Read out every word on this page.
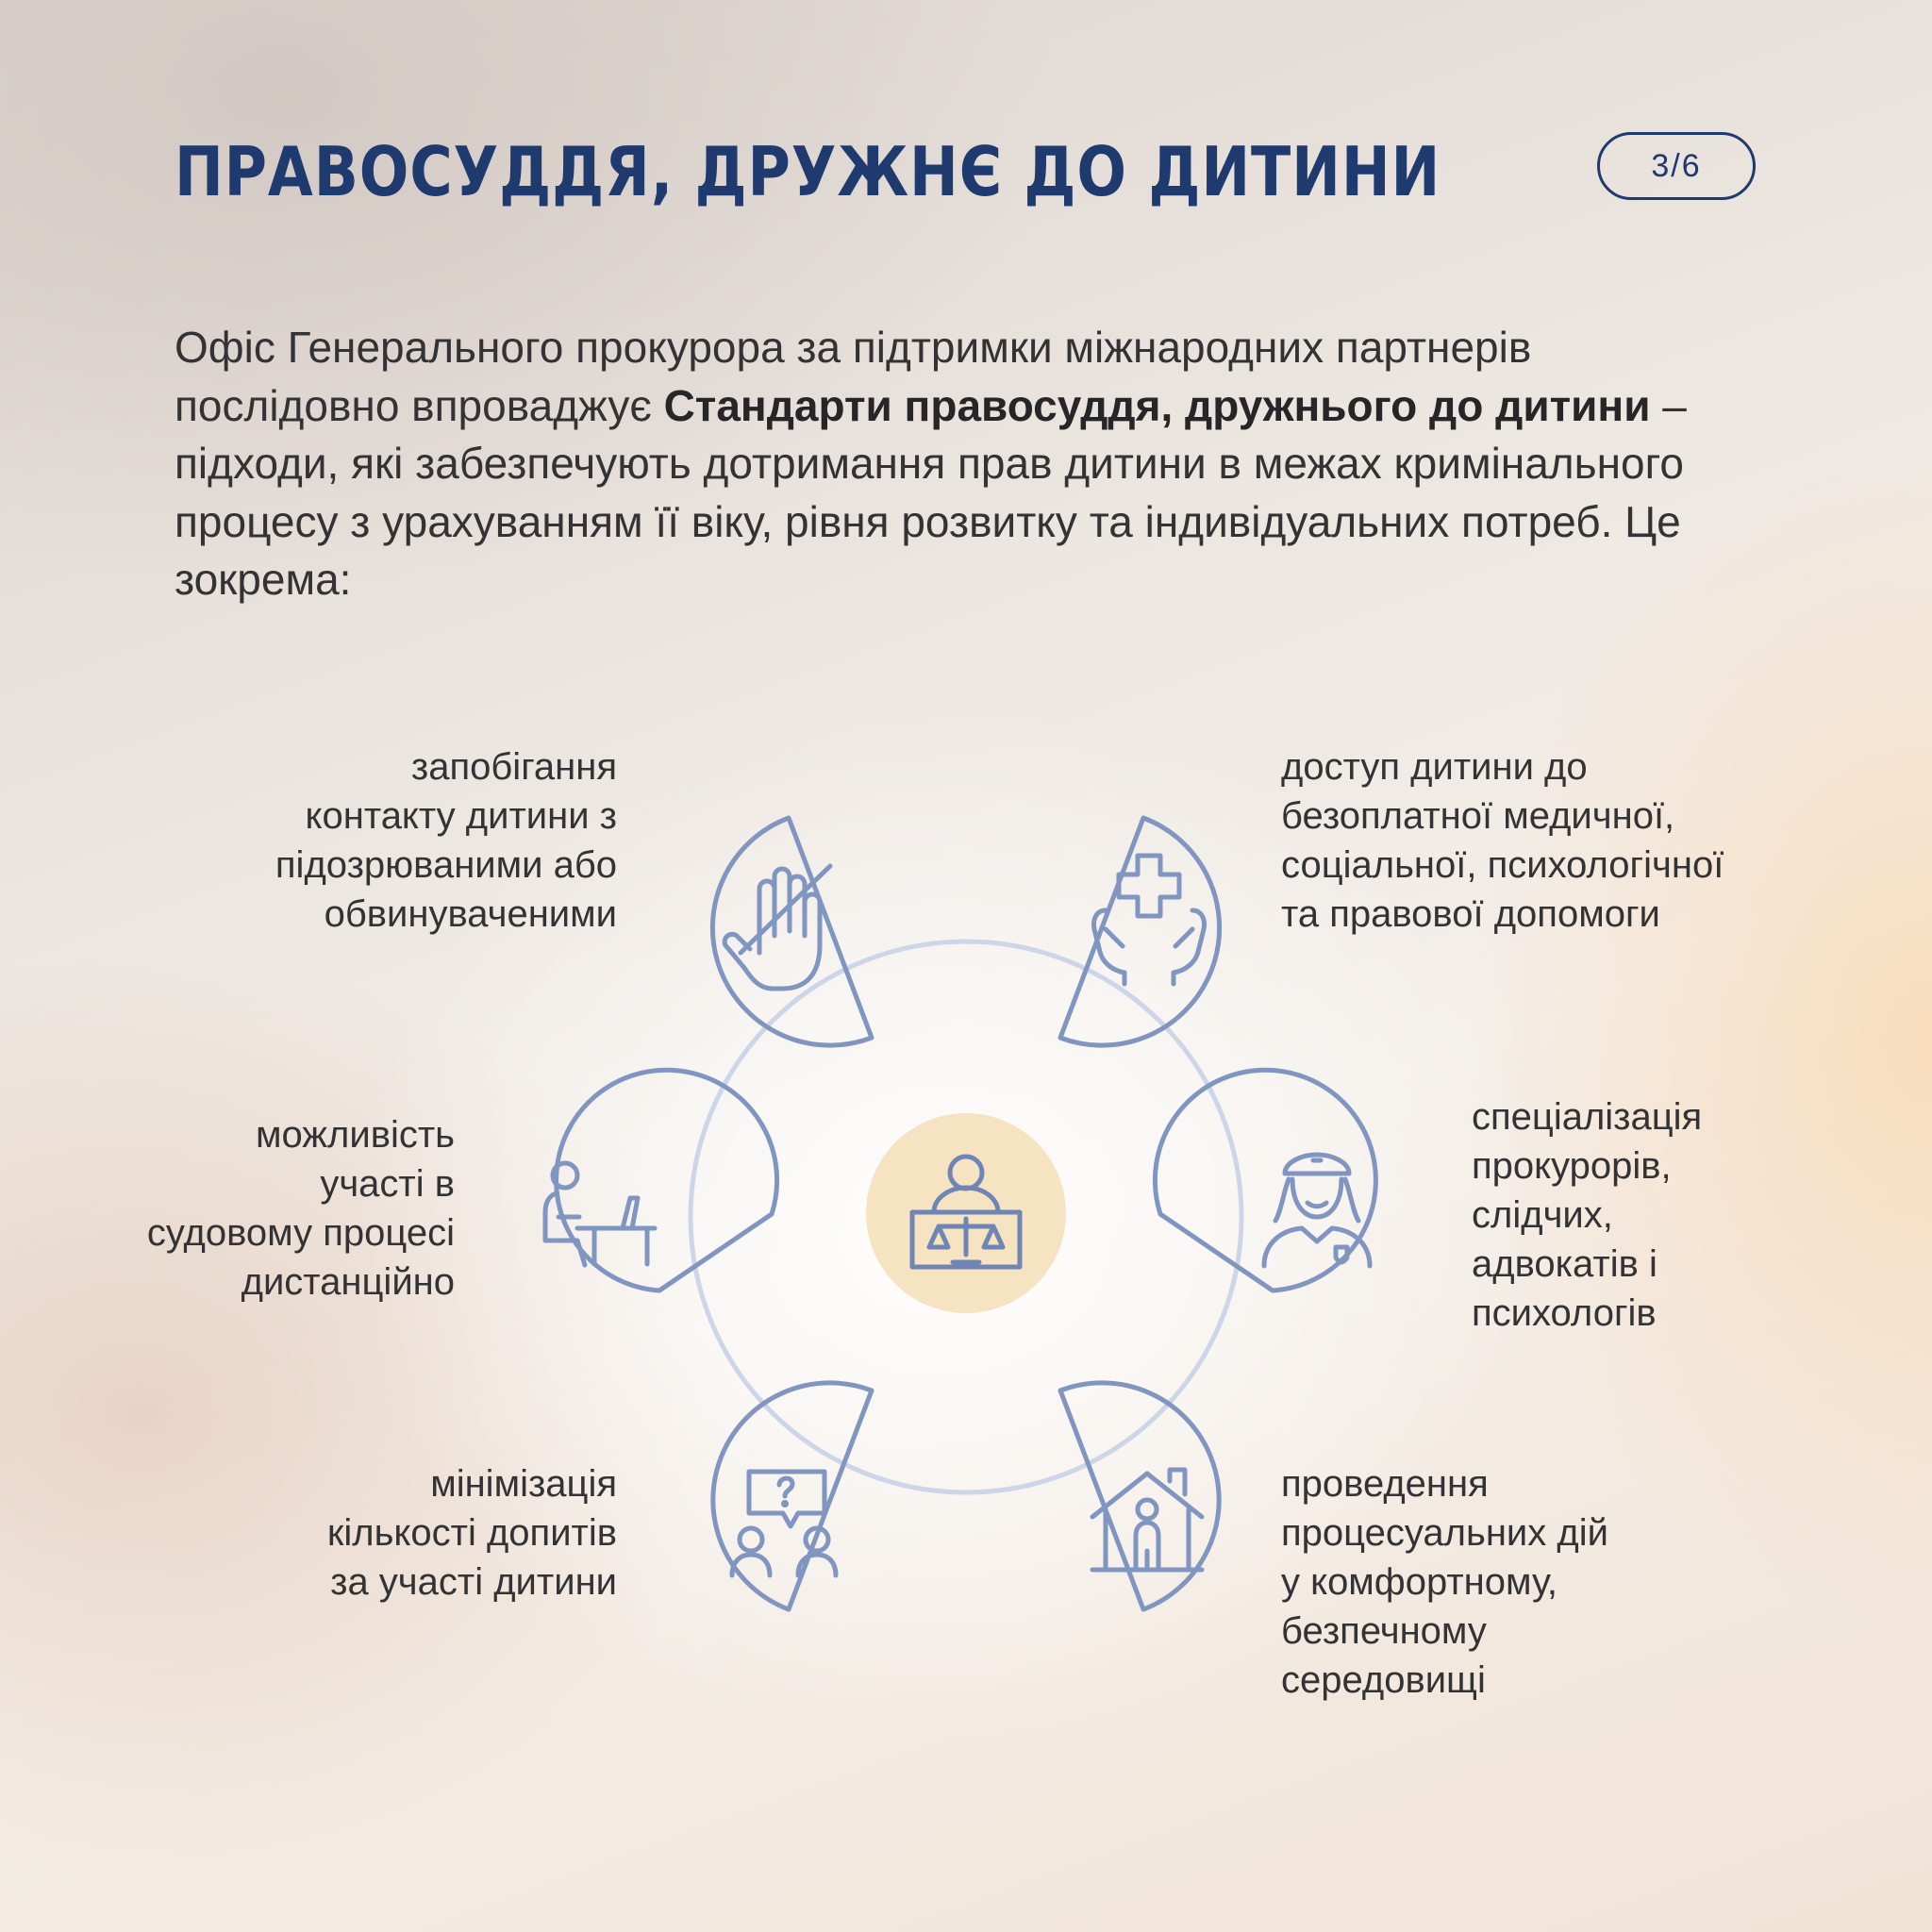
ПРАВОСУДДЯ, ДРУЖНЄ ДО ДИТИНИ	3/6

Офіс Генерального прокурора за підтримки міжнародних партнерів послідовно впроваджує Стандарти правосуддя, дружнього до дитини – підходи, які забезпечують дотримання прав дитини в межах кримінального процесу з урахуванням її віку, рівня розвитку та індивідуальних потреб. Це зокрема:

запобігання
контакту дитини з
підозрюваними або
обвинуваченими
доступ дитини до
безоплатної медичної,
соціальної, психологічної
та правової допомоги
можливість
участі в
судовому процесі
дистанційно
спеціалізація
прокурорів,
слідчих,
адвокатів і
психологів
мінімізація
кількості допитів
за участі дитини
проведення
процесуальних дій
у комфортному,
безпечному
середовищі
